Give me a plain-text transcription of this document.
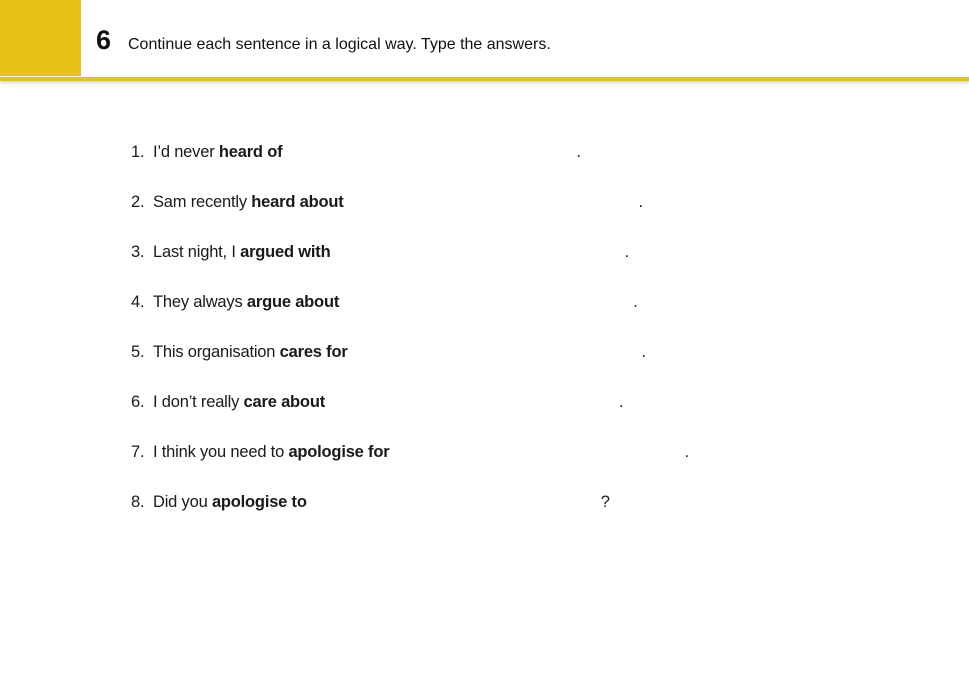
6 Continue each sentence in a logical way. Type the answers.
1. I’d never heard of	.
2. Sam recently heard about	.
3. Last night, I argued with	.
4. They always argue about	.
5. This organisation cares for	.
6. I don’t really care about	.
7. I think you need to apologise for	.
8. Did you apologise to	?
